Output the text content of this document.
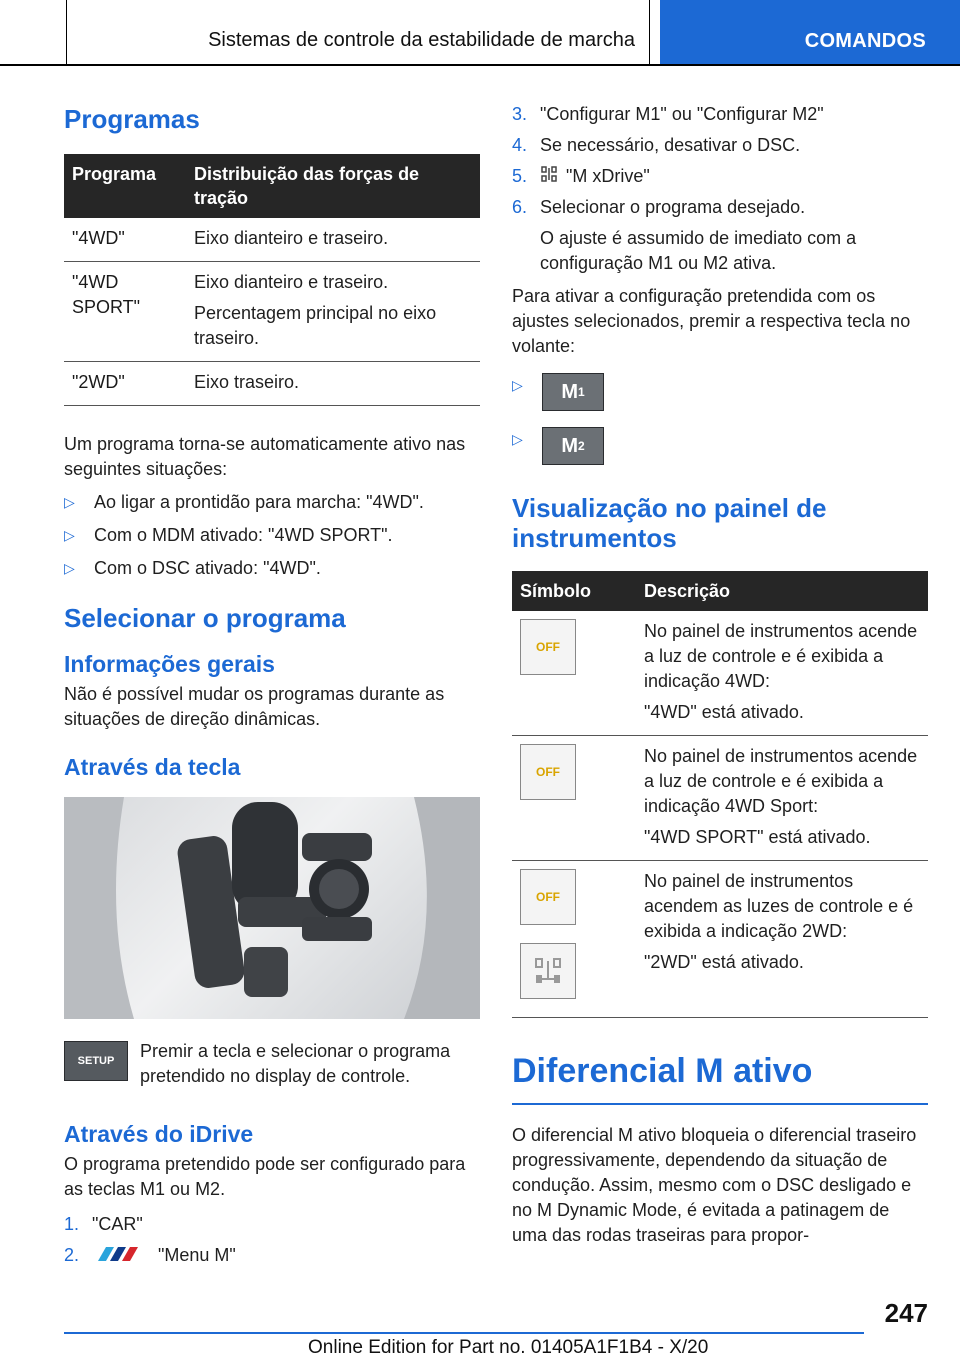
Sistemas de controle da estabilidade de marcha	COMANDOS
Programas
Programa	Distribuição das forças de tração
"4WD"	Eixo dianteiro e traseiro.

"4WD SPORT"	Eixo dianteiro e traseiro.

Percentagem principal no eixo traseiro.

"2WD"	Eixo traseiro.

Um programa torna-se automaticamente ativo nas seguintes situações:

▷	Ao ligar a prontidão para marcha: "4WD".
▷	Com o MDM ativado: "4WD SPORT".
▷	Com o DSC ativado: "4WD".
Selecionar o programa
Informações gerais

Não é possível mudar os programas durante as situações de direção dinâmicas.

Através da tecla
SETUP	Premir a tecla e selecionar o programa pretendido no display de controle.

Através do iDrive

O programa pretendido pode ser configurado para as teclas M1 ou M2.

1. "CAR"
2.	"Menu M"
3. "Configurar M1" ou "Configurar M2"
4. Se necessário, desativar o DSC.
5.	"M xDrive"
6. Selecionar o programa desejado.

O ajuste é assumido de imediato com a configuração M1 ou M2 ativa.

Para ativar a configuração pretendida com os ajustes selecionados, premir a respectiva tecla no volante:

▷	M 1
▷	M 2
Visualização no painel de instrumentos
Símbolo	Descrição

OFF	No painel de instrumentos acende a luz de controle e é exibida a indicação 4WD:

"4WD" está ativado.

OFF	No painel de instrumentos acende a luz de controle e é exibida a indicação 4WD Sport:

"4WD SPORT" está ativado.

OFF	No painel de instrumentos acendem as luzes de controle e é exibida a indicação 2WD:

"2WD" está ativado.

Diferencial M ativo

O diferencial M ativo bloqueia o diferencial traseiro progressivamente, dependendo da situação de condução. Assim, mesmo com o DSC desligado e no M Dynamic Mode, é evitada a patinagem de uma das rodas traseiras para propor-

247
Online Edition for Part no. 01405A1F1B4 - X/20
